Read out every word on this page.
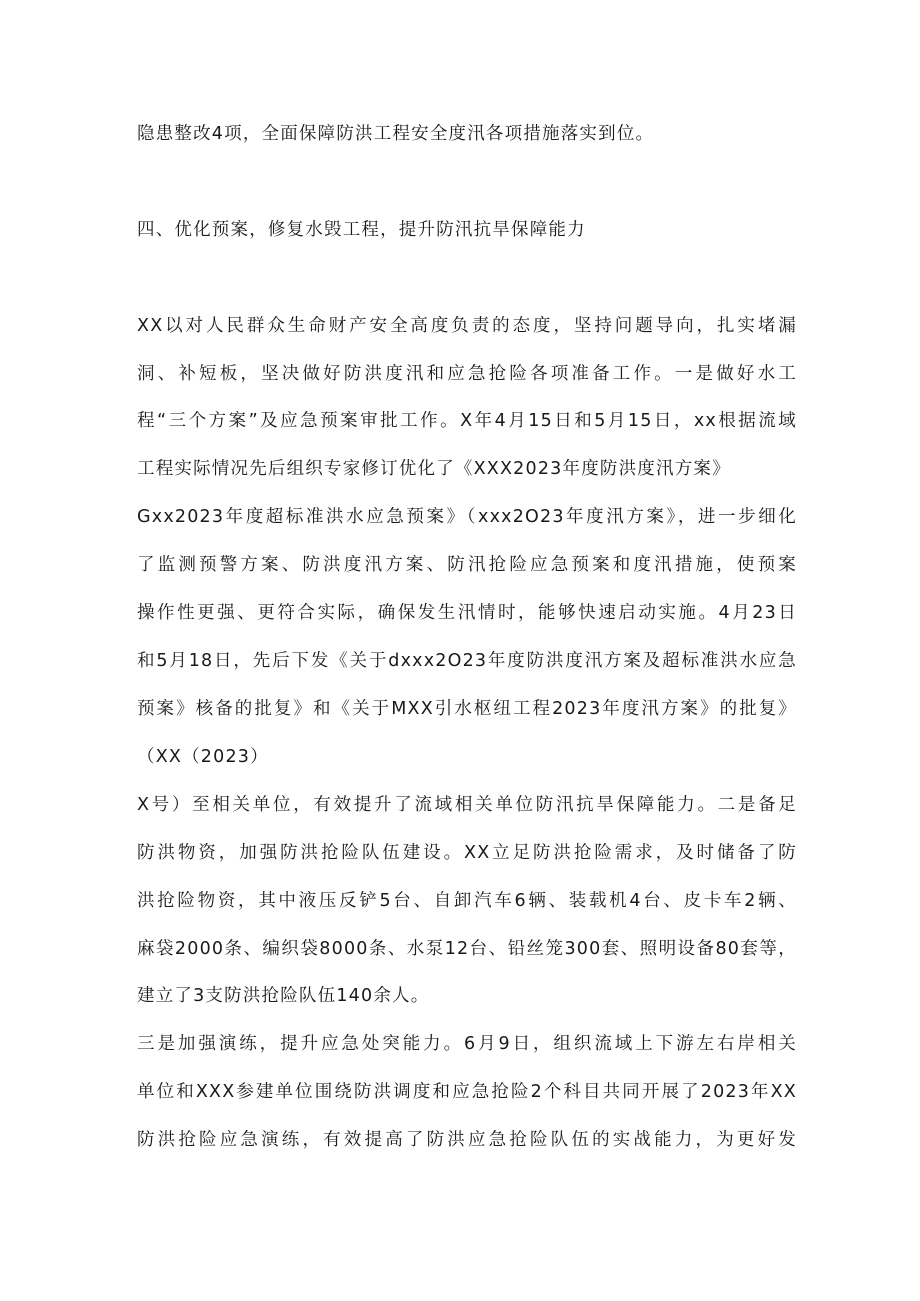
隐患整改4项，全面保障防洪工程安全度汛各项措施落实到位。
四、优化预案，修复水毁工程，提升防汛抗旱保障能力
XX以对人民群众生命财产安全高度负责的态度，坚持问题导向，扎实堵漏
洞、补短板，坚决做好防洪度汛和应急抢险各项准备工作。一是做好水工
程“三个方案”及应急预案审批工作。X年4月15日和5月15日，xx根据流域
工程实际情况先后组织专家修订优化了《XXX2023年度防洪度汛方案》
Gxx2023年度超标准洪水应急预案》（xxx2O23年度汛方案》，进一步细化
了监测预警方案、防洪度汛方案、防汛抢险应急预案和度汛措施，使预案
操作性更强、更符合实际，确保发生汛情时，能够快速启动实施。4月23日
和5月18日，先后下发《关于dxxx2O23年度防洪度汛方案及超标准洪水应急
预案》核备的批复》和《关于MXX引水枢纽工程2023年度汛方案》的批复》
（XX（2023）
X号）至相关单位，有效提升了流域相关单位防汛抗旱保障能力。二是备足
防洪物资，加强防洪抢险队伍建设。XX立足防洪抢险需求，及时储备了防
洪抢险物资，其中液压反铲5台、自卸汽车6辆、装载机4台、皮卡车2辆、
麻袋2000条、编织袋8000条、水泵12台、铅丝笼300套、照明设备80套等，
建立了3支防洪抢险队伍140余人。
三是加强演练，提升应急处突能力。6月9日，组织流域上下游左右岸相关
单位和XXX参建单位围绕防洪调度和应急抢险2个科目共同开展了2023年XX
防洪抢险应急演练，有效提高了防洪应急抢险队伍的实战能力，为更好发
